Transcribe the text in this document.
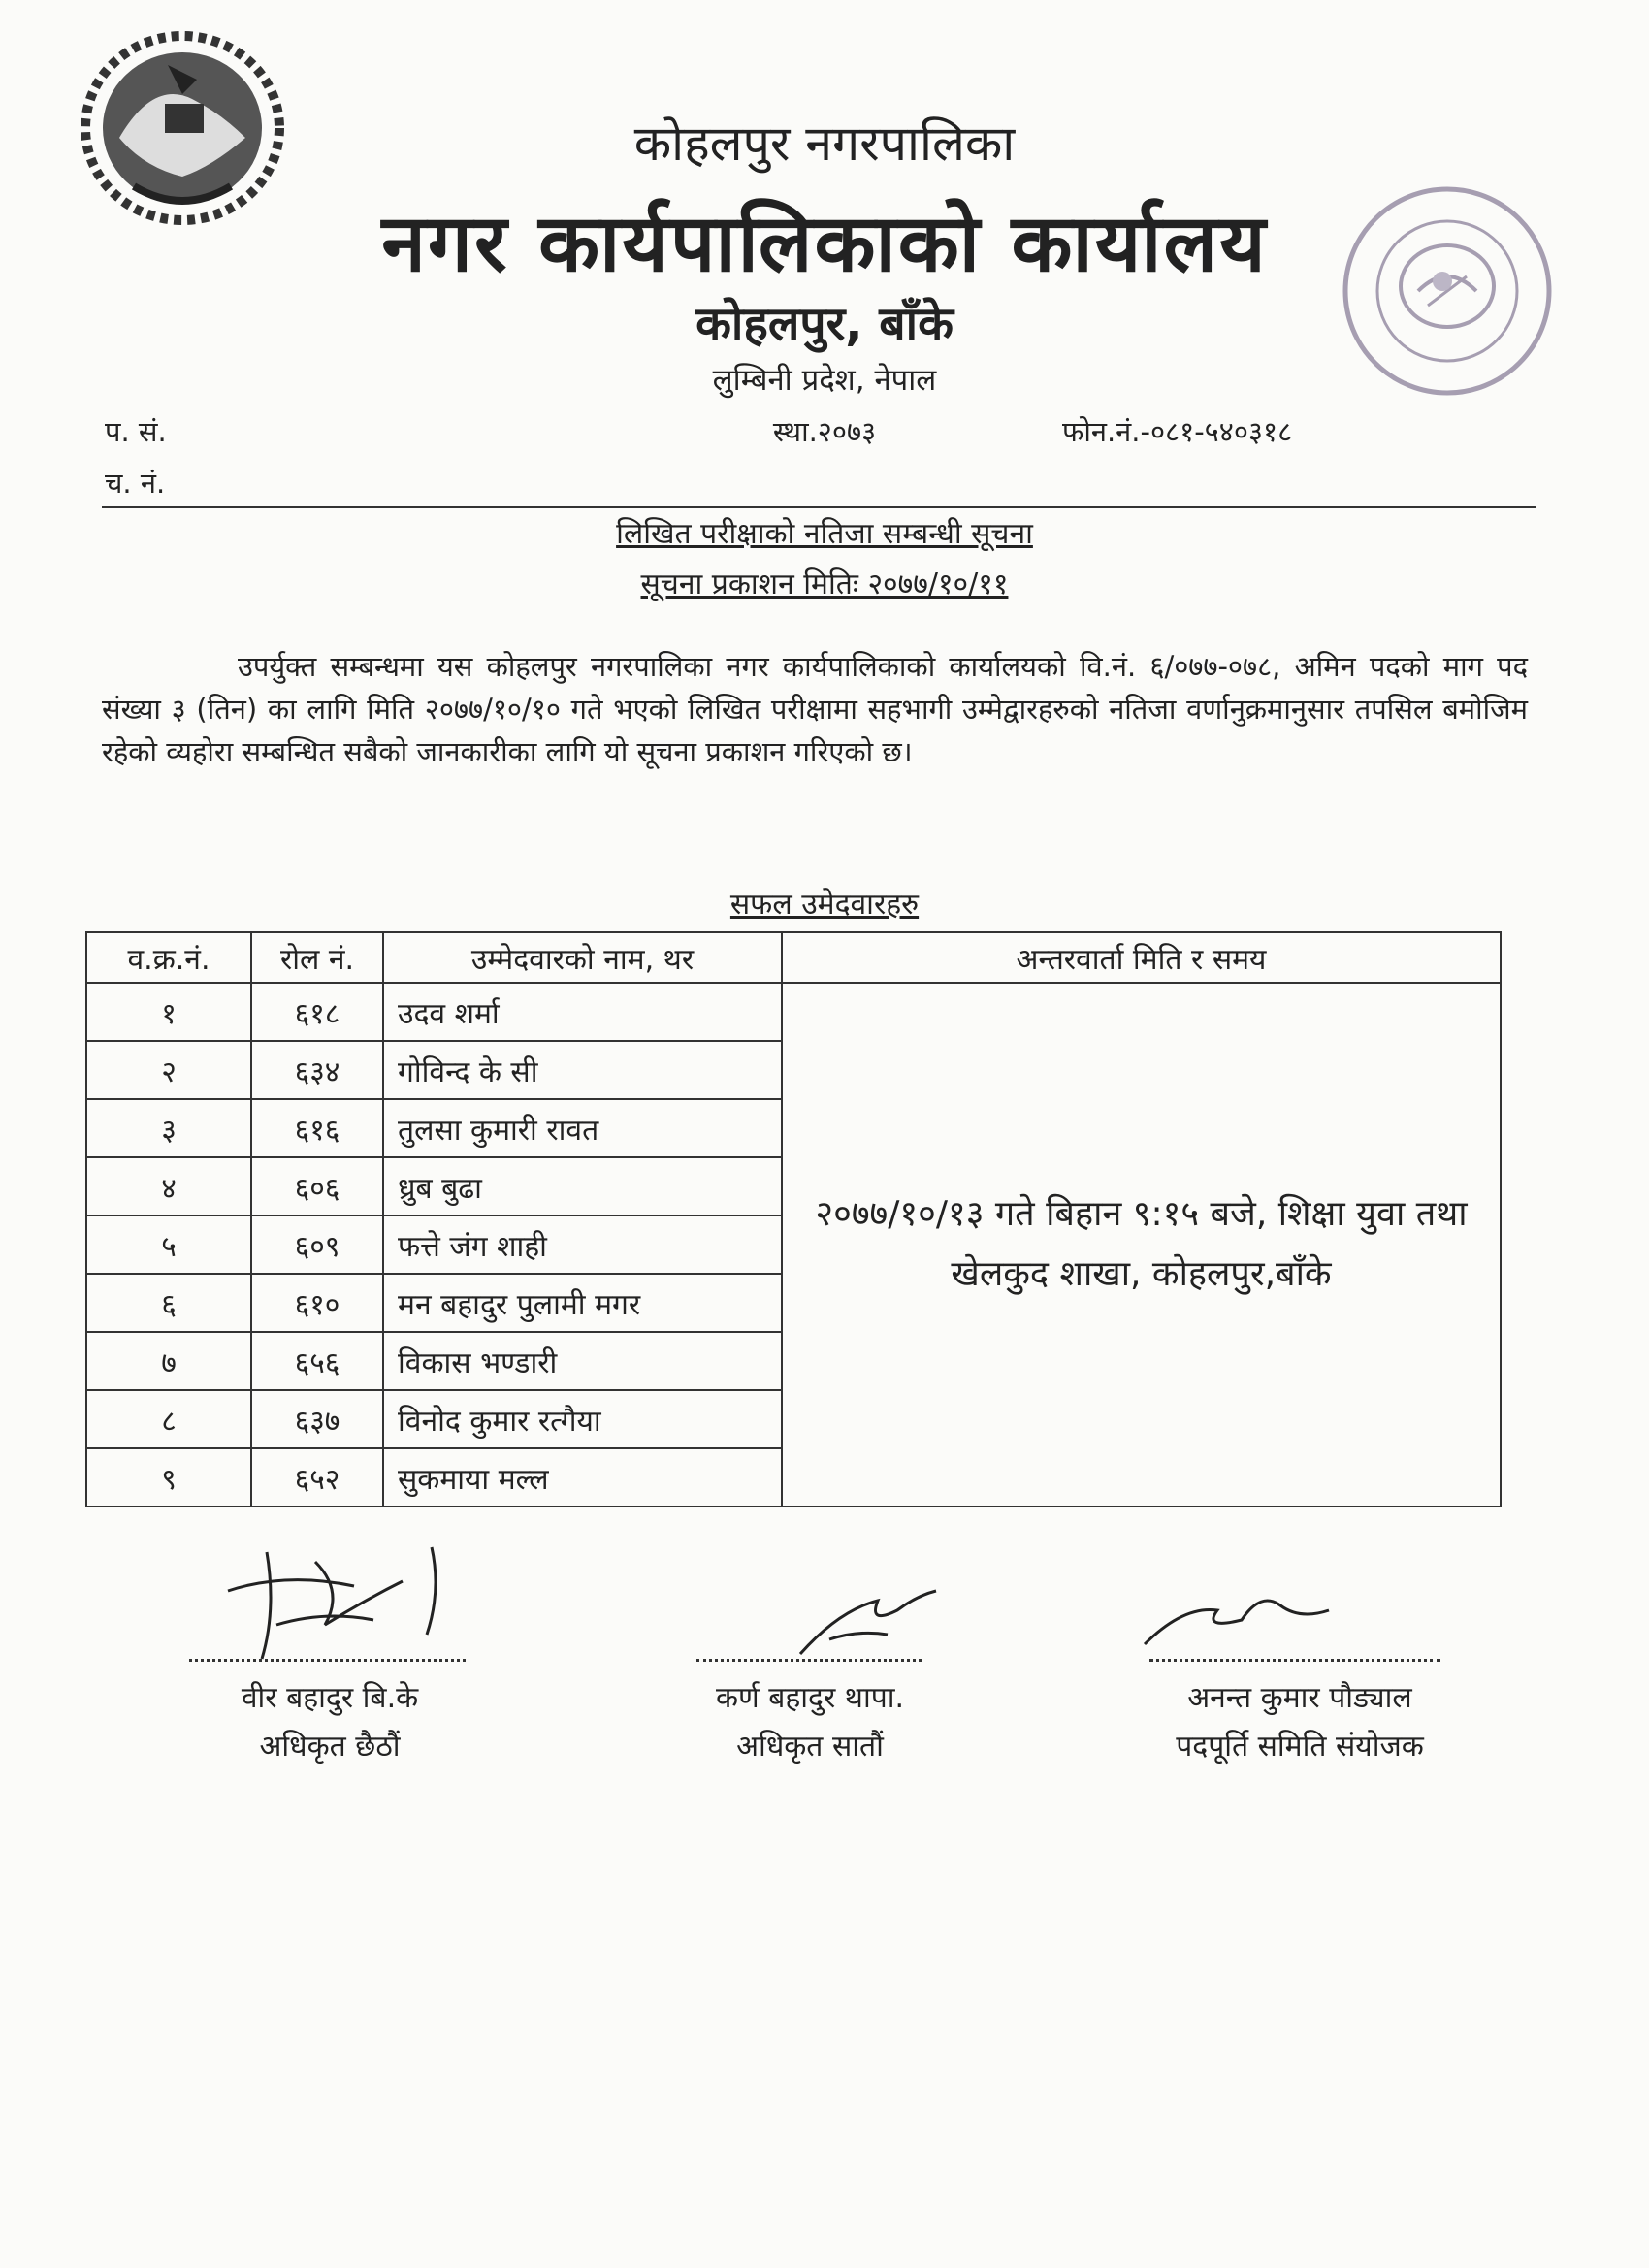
कोहलपुर नगरपालिका
नगर कार्यपालिकाको कार्यालय
कोहलपुर, बाँके
लुम्बिनी प्रदेश, नेपाल
प. सं.	स्था.२०७३	फोन.नं.-०८१-५४०३१८
च. नं.
लिखित परीक्षाको नतिजा सम्बन्धी सूचना
सूचना प्रकाशन मितिः २०७७/१०/११
उपर्युक्त सम्बन्धमा यस कोहलपुर नगरपालिका नगर कार्यपालिकाको कार्यालयको वि.नं. ६/०७७-०७८, अमिन पदको माग पद संख्या ३ (तिन) का लागि मिति २०७७/१०/१० गते भएको लिखित परीक्षामा सहभागी उम्मेद्वारहरुको नतिजा वर्णानुक्रमानुसार तपसिल बमोजिम रहेको व्यहोरा सम्बन्धित सबैको जानकारीका लागि यो सूचना प्रकाशन गरिएको छ।
सफल उमेदवारहरु
व.क्र.नं.	रोल नं.	उम्मेदवारको नाम, थर	अन्तरवार्ता मिति र समय
१	६१८	उदव शर्मा	२०७७/१०/१३ गते बिहान ९:१५ बजे, शिक्षा युवा तथा खेलकुद शाखा, कोहलपुर,बाँके
२	६३४	गोविन्द के सी	
३	६१६	तुलसा कुमारी रावत	
४	६०६	ध्रुब बुढा	
५	६०९	फत्ते जंग शाही	
६	६१०	मन बहादुर पुलामी मगर	
७	६५६	विकास भण्डारी	
८	६३७	विनोद कुमार रत्गैया	
९	६५२	सुकमाया मल्ल	
वीर बहादुर बि.के
अधिकृत छैठौं
कर्ण बहादुर थापा.
अधिकृत सातौं
अनन्त कुमार पौड्याल
पदपूर्ति समिति संयोजक
